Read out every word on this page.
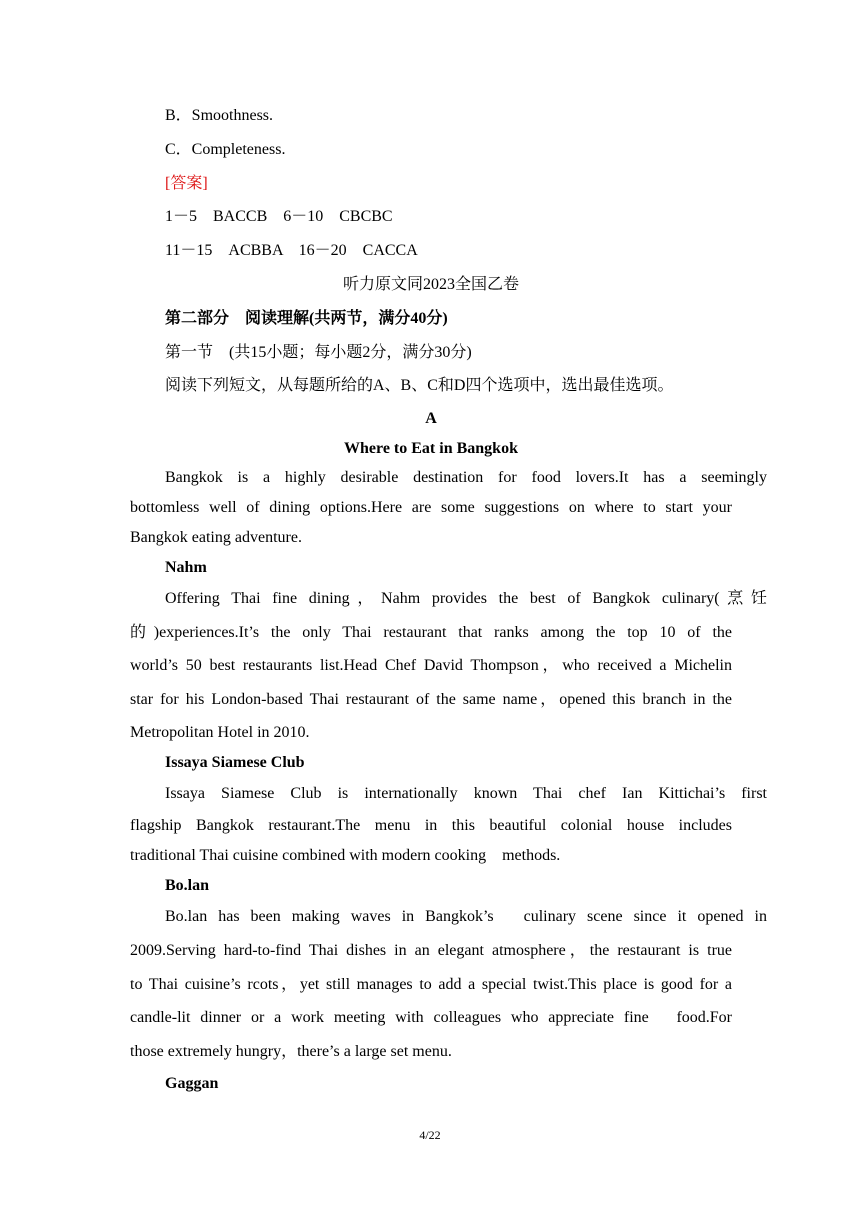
B．Smoothness.
C．Completeness.
[答案]
1－5　BACCB　6－10　CBCBC
11－15　ACBBA　16－20　CACCA
听力原文同2023全国乙卷
第二部分　阅读理解(共两节，满分40分)
第一节　(共15小题；每小题2分，满分30分)
阅读下列短文，从每题所给的A、B、C和D四个选项中，选出最佳选项。
A
Where to Eat in Bangkok
Bangkok is a highly desirable destination for food lovers.It has a seemingly
bottomless well of dining options.Here are some suggestions on where to start your
Bangkok eating adventure.
Nahm
Offering Thai fine dining，Nahm provides the best of Bangkok culinary(烹饪
的)experiences.It’s the only Thai restaurant that ranks among the top 10 of the
world’s 50 best restaurants list.Head Chef David Thompson，who received a Michelin
star for his London-based Thai restaurant of the same name，opened this branch in the
Metropolitan Hotel in 2010.
Issaya Siamese Club
Issaya Siamese Club is internationally known Thai chef Ian Kittichai’s first
flagship Bangkok restaurant.The menu in this beautiful colonial house includes
traditional Thai cuisine combined with modern cooking　methods.
Bo.lan
Bo.lan has been making waves in Bangkok’s　culinary scene since it opened in
2009.Serving hard-to-find Thai dishes in an elegant atmosphere，the restaurant is true
to Thai cuisine’s rcots，yet still manages to add a special twist.This place is good for a
candle-lit dinner or a work meeting with colleagues who appreciate fine　food.For
those extremely hungry，there’s a large set menu.
Gaggan
4/22
